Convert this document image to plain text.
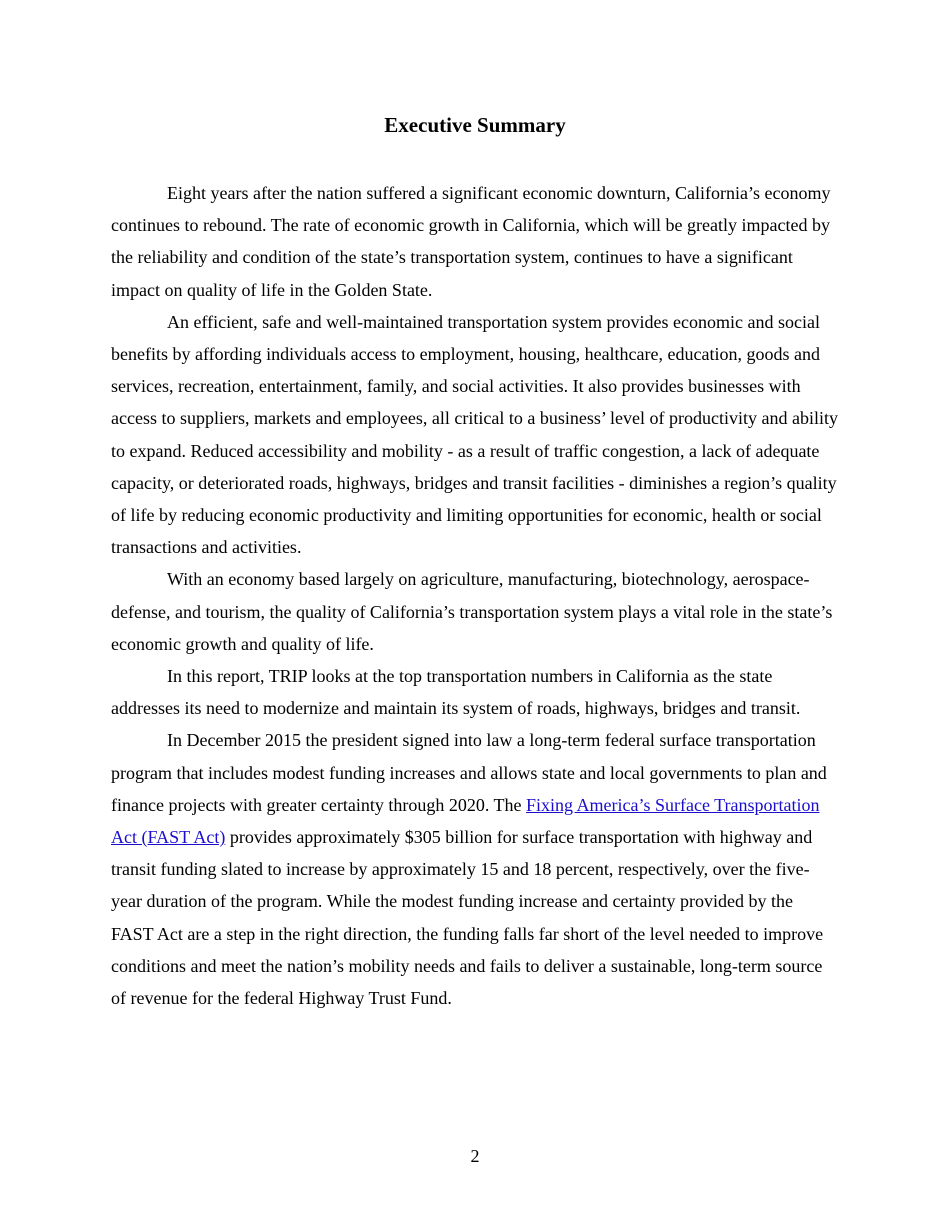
Executive Summary

Eight years after the nation suffered a significant economic downturn, California’s economy continues to rebound. The rate of economic growth in California, which will be greatly impacted by the reliability and condition of the state’s transportation system, continues to have a significant impact on quality of life in the Golden State.

An efficient, safe and well-maintained transportation system provides economic and social benefits by affording individuals access to employment, housing, healthcare, education, goods and services, recreation, entertainment, family, and social activities. It also provides businesses with access to suppliers, markets and employees, all critical to a business’ level of productivity and ability to expand. Reduced accessibility and mobility - as a result of traffic congestion, a lack of adequate capacity, or deteriorated roads, highways, bridges and transit facilities - diminishes a region’s quality of life by reducing economic productivity and limiting opportunities for economic, health or social transactions and activities.

With an economy based largely on agriculture, manufacturing, biotechnology, aerospace-defense, and tourism, the quality of California’s transportation system plays a vital role in the state’s economic growth and quality of life.

In this report, TRIP looks at the top transportation numbers in California as the state addresses its need to modernize and maintain its system of roads, highways, bridges and transit.

In December 2015 the president signed into law a long-term federal surface transportation program that includes modest funding increases and allows state and local governments to plan and finance projects with greater certainty through 2020. The Fixing America’s Surface Transportation Act (FAST Act) provides approximately $305 billion for surface transportation with highway and transit funding slated to increase by approximately 15 and 18 percent, respectively, over the five-year duration of the program. While the modest funding increase and certainty provided by the FAST Act are a step in the right direction, the funding falls far short of the level needed to improve conditions and meet the nation’s mobility needs and fails to deliver a sustainable, long-term source of revenue for the federal Highway Trust Fund.

2
